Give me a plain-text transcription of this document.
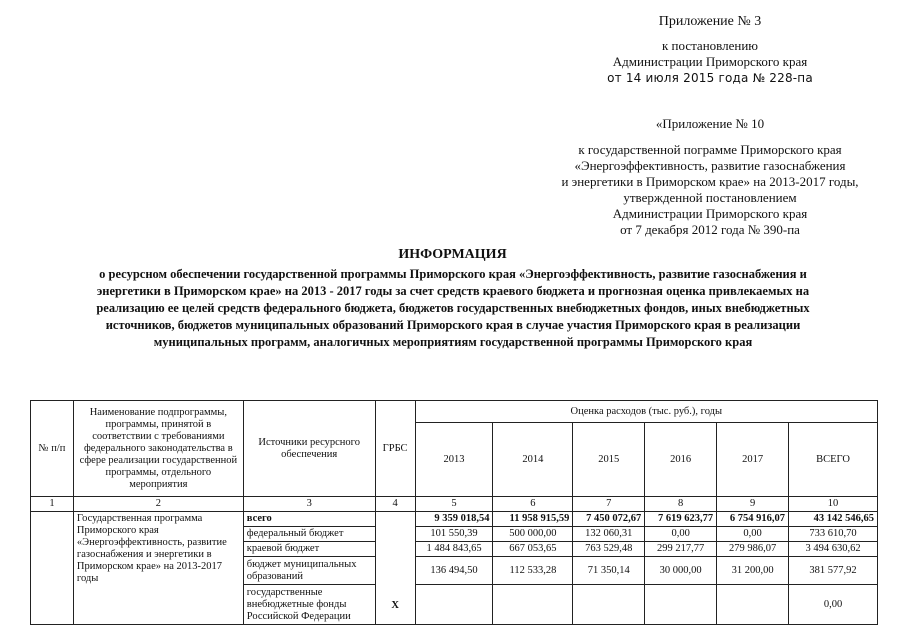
Приложение № 3
к постановлению
Администрации Приморского края
от 14 июля 2015 года № 228-па
«Приложение № 10
к государственной пограмме Приморского края
«Энергоэффективность, развитие газоснабжения
и энергетики в Приморском крае» на 2013-2017 годы,
утвержденной постановлением
Администрации Приморского края
от 7 декабря 2012 года № 390-па
ИНФОРМАЦИЯ
о ресурсном обеспечении государственной программы Приморского края «Энергоэффективность, развитие газоснабжения и
энергетики в Приморском крае» на 2013 - 2017 годы за счет средств краевого бюджета и прогнозная оценка привлекаемых на
реализацию ее целей средств федерального бюджета, бюджетов государственных внебюджетных фондов, иных внебюджетных
источников, бюджетов муниципальных образований Приморского края в случае участия Приморского края в реализации
муниципальных программ, аналогичных мероприятиям государственной программы Приморского края
№ п/п	Наименование подпрограммы, программы, принятой в соответствии с требованиями федерального законодательства в сфере реализации государственной программы, отдельного мероприятия	Источники ресурсного обеспечения	ГРБС	Оценка расходов (тыс. руб.), годы					
				2013	2014	2015	2016	2017	ВСЕГО
1	2	3	4	5	6	7	8	9	10
	Государственная программа Приморского края «Энергоэффективность, развитие газоснабжения и энергетики в Приморском крае» на 2013-2017 годы	всего	Х	9 359 018,54	11 958 915,59	7 450 072,67	7 619 623,77	6 754 916,07	43 142 546,65
		федеральный бюджет		101 550,39	500 000,00	132 060,31	0,00	0,00	733 610,70
		краевой бюджет		1 484 843,65	667 053,65	763 529,48	299 217,77	279 986,07	3 494 630,62
		бюджет муниципальных образований		136 494,50	112 533,28	71 350,14	30 000,00	31 200,00	381 577,92
		государственные внебюджетные фонды Российской Федерации							0,00
